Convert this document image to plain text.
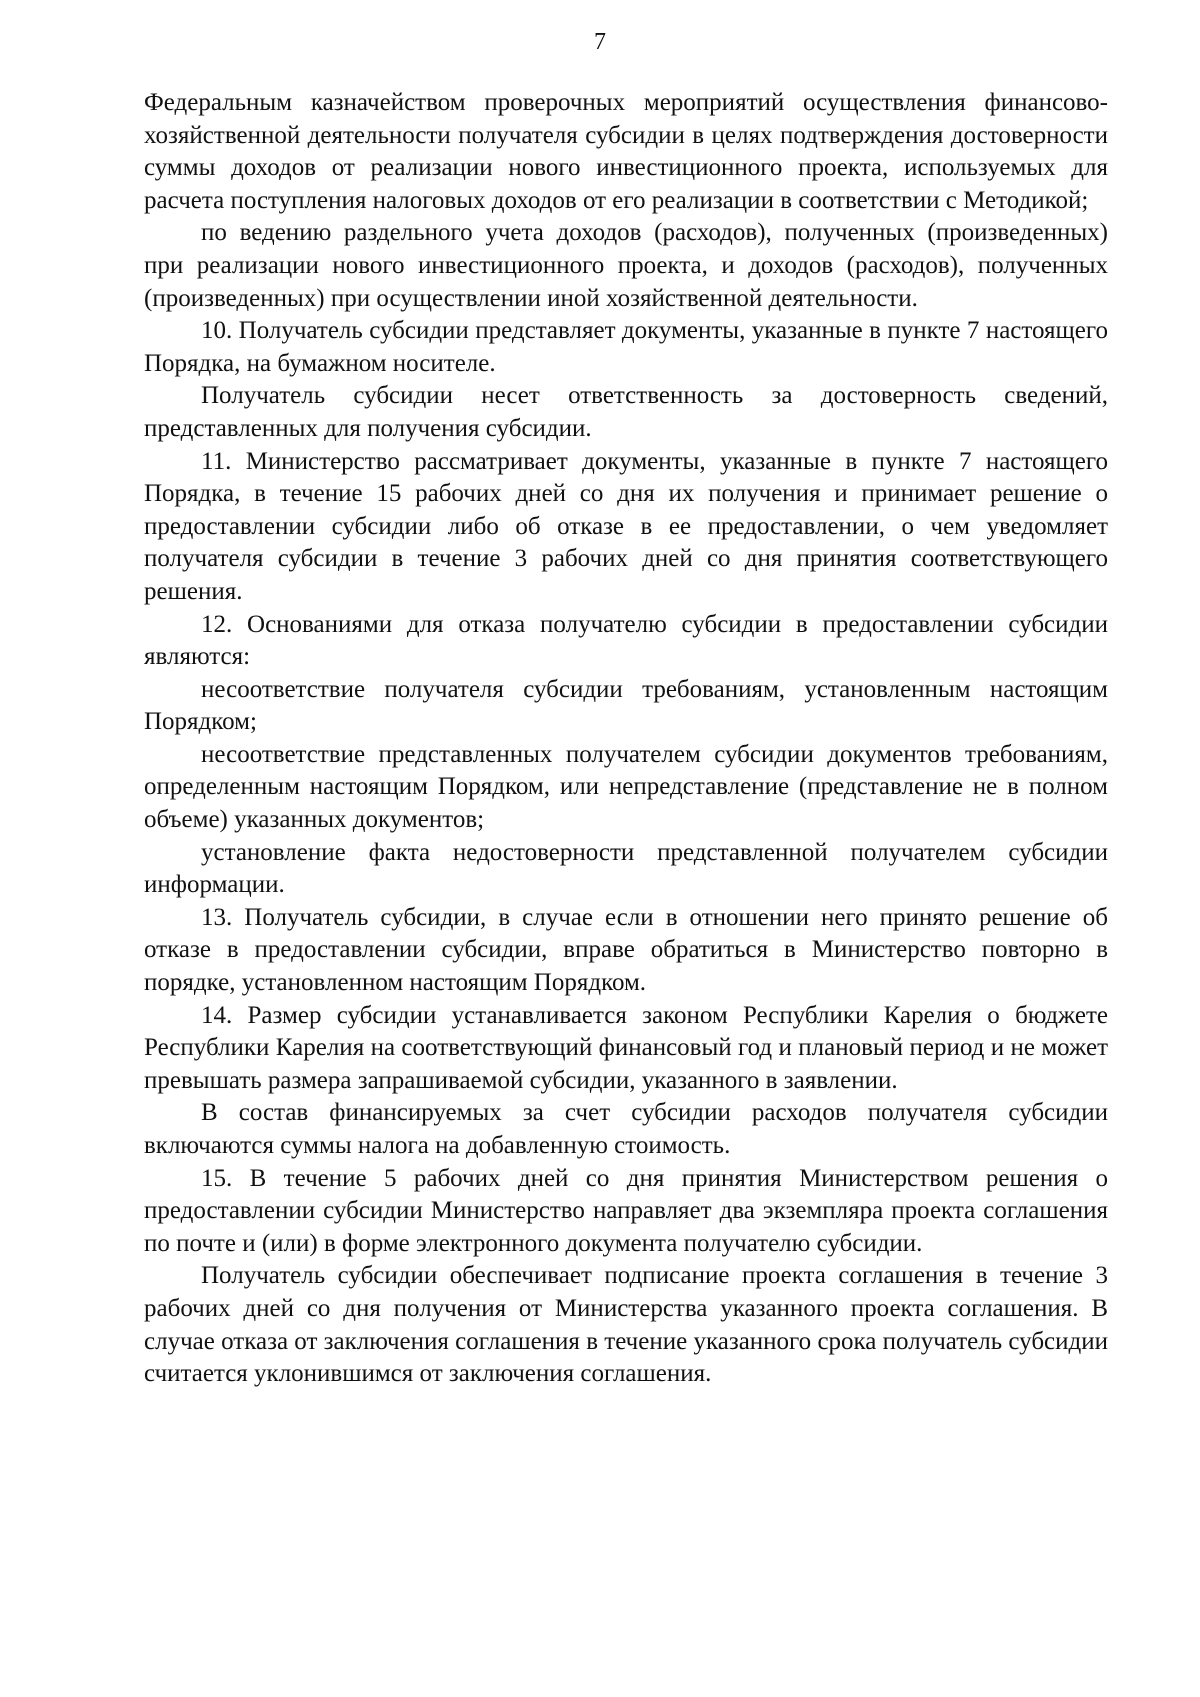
7

Федеральным казначейством проверочных мероприятий осуществления финансово-хозяйственной деятельности получателя субсидии в целях подтверждения достоверности суммы доходов от реализации нового инвестиционного проекта, используемых для расчета поступления налоговых доходов от его реализации в соответствии с Методикой;

по ведению раздельного учета доходов (расходов), полученных (произведенных) при реализации нового инвестиционного проекта, и доходов (расходов), полученных (произведенных) при осуществлении иной хозяйственной деятельности.

10. Получатель субсидии представляет документы, указанные в пункте 7 настоящего Порядка, на бумажном носителе.

Получатель субсидии несет ответственность за достоверность сведений, представленных для получения субсидии.

11. Министерство рассматривает документы, указанные в пункте 7 настоящего Порядка, в течение 15 рабочих дней со дня их получения и принимает решение о предоставлении субсидии либо об отказе в ее предоставлении, о чем уведомляет получателя субсидии в течение 3 рабочих дней со дня принятия соответствующего решения.

12. Основаниями для отказа получателю субсидии в предоставлении субсидии являются:

несоответствие получателя субсидии требованиям, установленным настоящим Порядком;

несоответствие представленных получателем субсидии документов требованиям, определенным настоящим Порядком, или непредставление (представление не в полном объеме) указанных документов;

установление факта недостоверности представленной получателем субсидии информации.

13. Получатель субсидии, в случае если в отношении него принято решение об отказе в предоставлении субсидии, вправе обратиться в Министерство повторно в порядке, установленном настоящим Порядком.

14. Размер субсидии устанавливается законом Республики Карелия о бюджете Республики Карелия на соответствующий финансовый год и плановый период и не может превышать размера запрашиваемой субсидии, указанного в заявлении.

В состав финансируемых за счет субсидии расходов получателя субсидии включаются суммы налога на добавленную стоимость.

15. В течение 5 рабочих дней со дня принятия Министерством решения о предоставлении субсидии Министерство направляет два экземпляра проекта соглашения по почте и (или) в форме электронного документа получателю субсидии.

Получатель субсидии обеспечивает подписание проекта соглашения в течение 3 рабочих дней со дня получения от Министерства указанного проекта соглашения. В случае отказа от заключения соглашения в течение указанного срока получатель субсидии считается уклонившимся от заключения соглашения.
